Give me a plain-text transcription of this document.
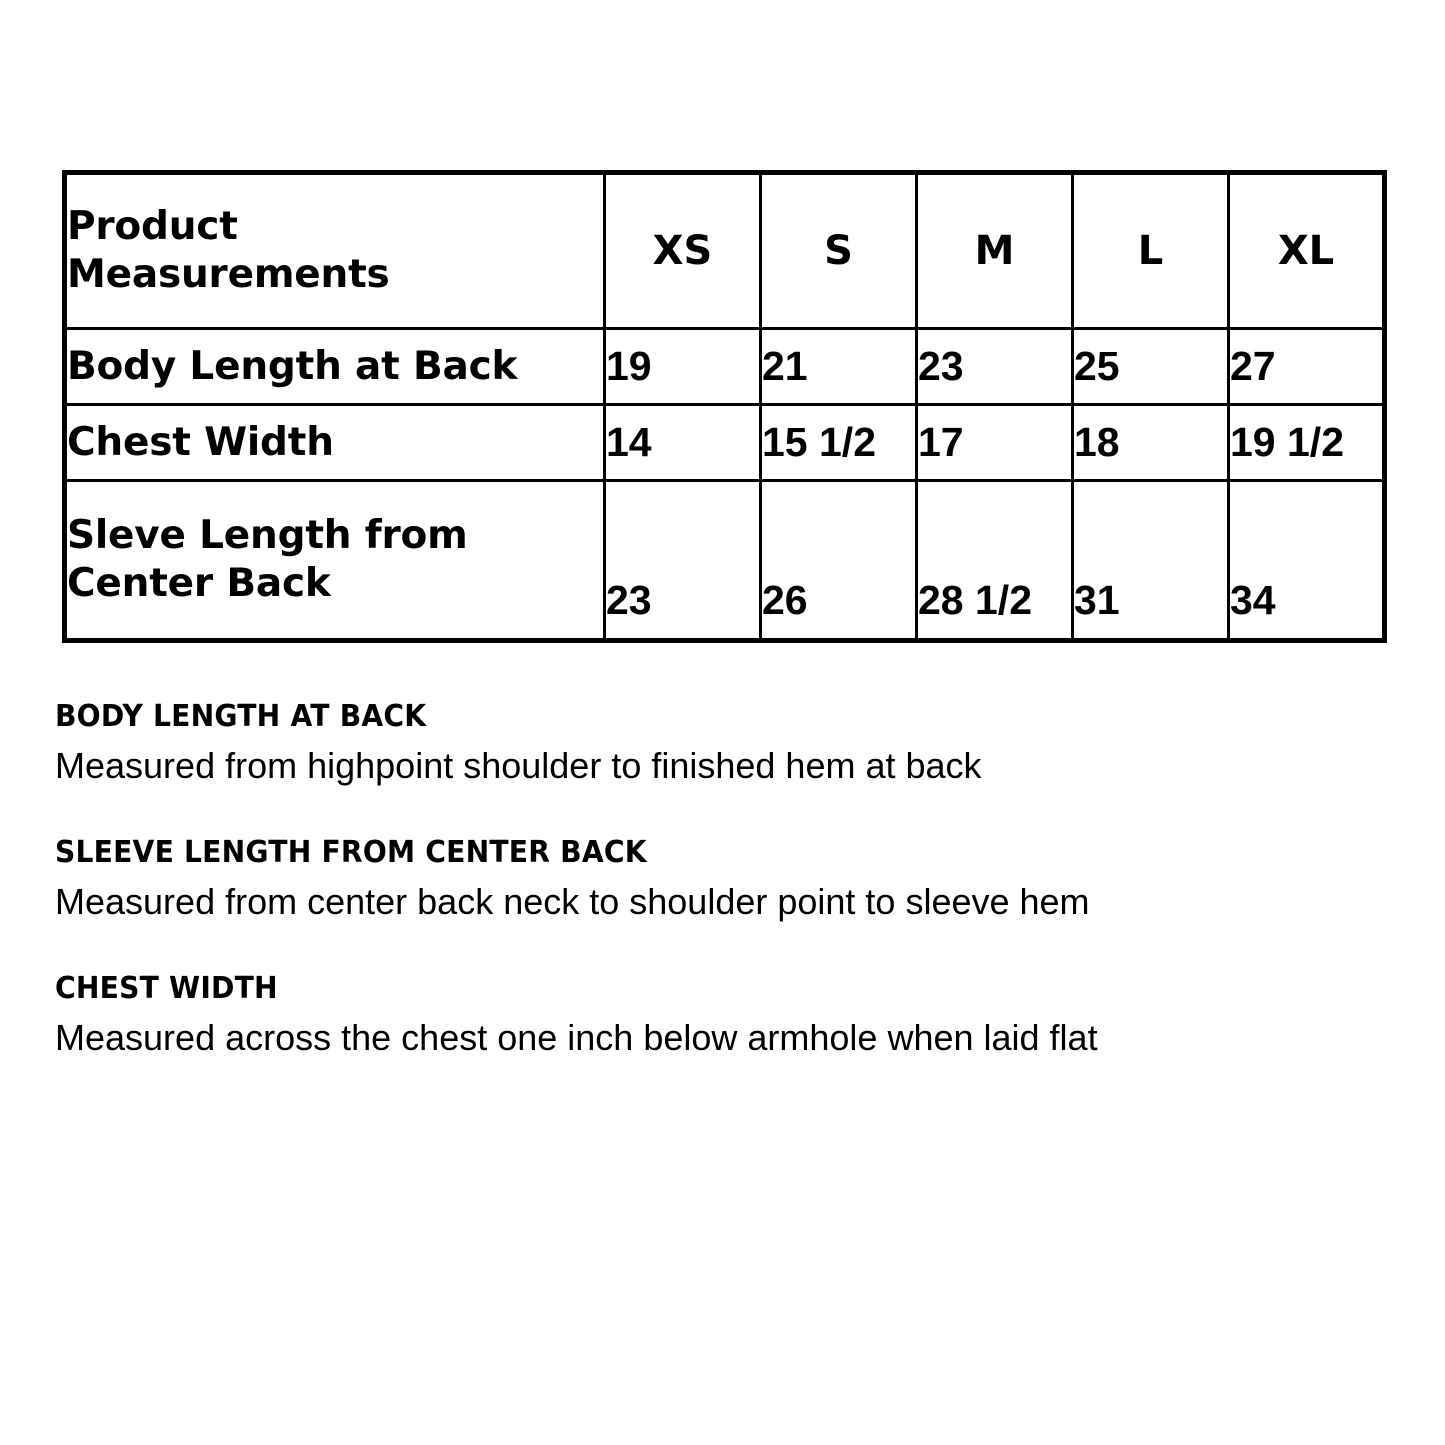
Product
Measurements	XS	S	M	L	XL
Body Length at Back	19	21	23	25	27
Chest Width	14	15 1/2	17	18	19 1/2

Sleve Length from
Center Back	23	26	28 1/2	31	34

BODY LENGTH AT BACK

Measured from highpoint shoulder to finished hem at back

SLEEVE LENGTH FROM CENTER BACK

Measured from center back neck to shoulder point to sleeve hem

CHEST WIDTH

Measured across the chest one inch below armhole when laid flat
